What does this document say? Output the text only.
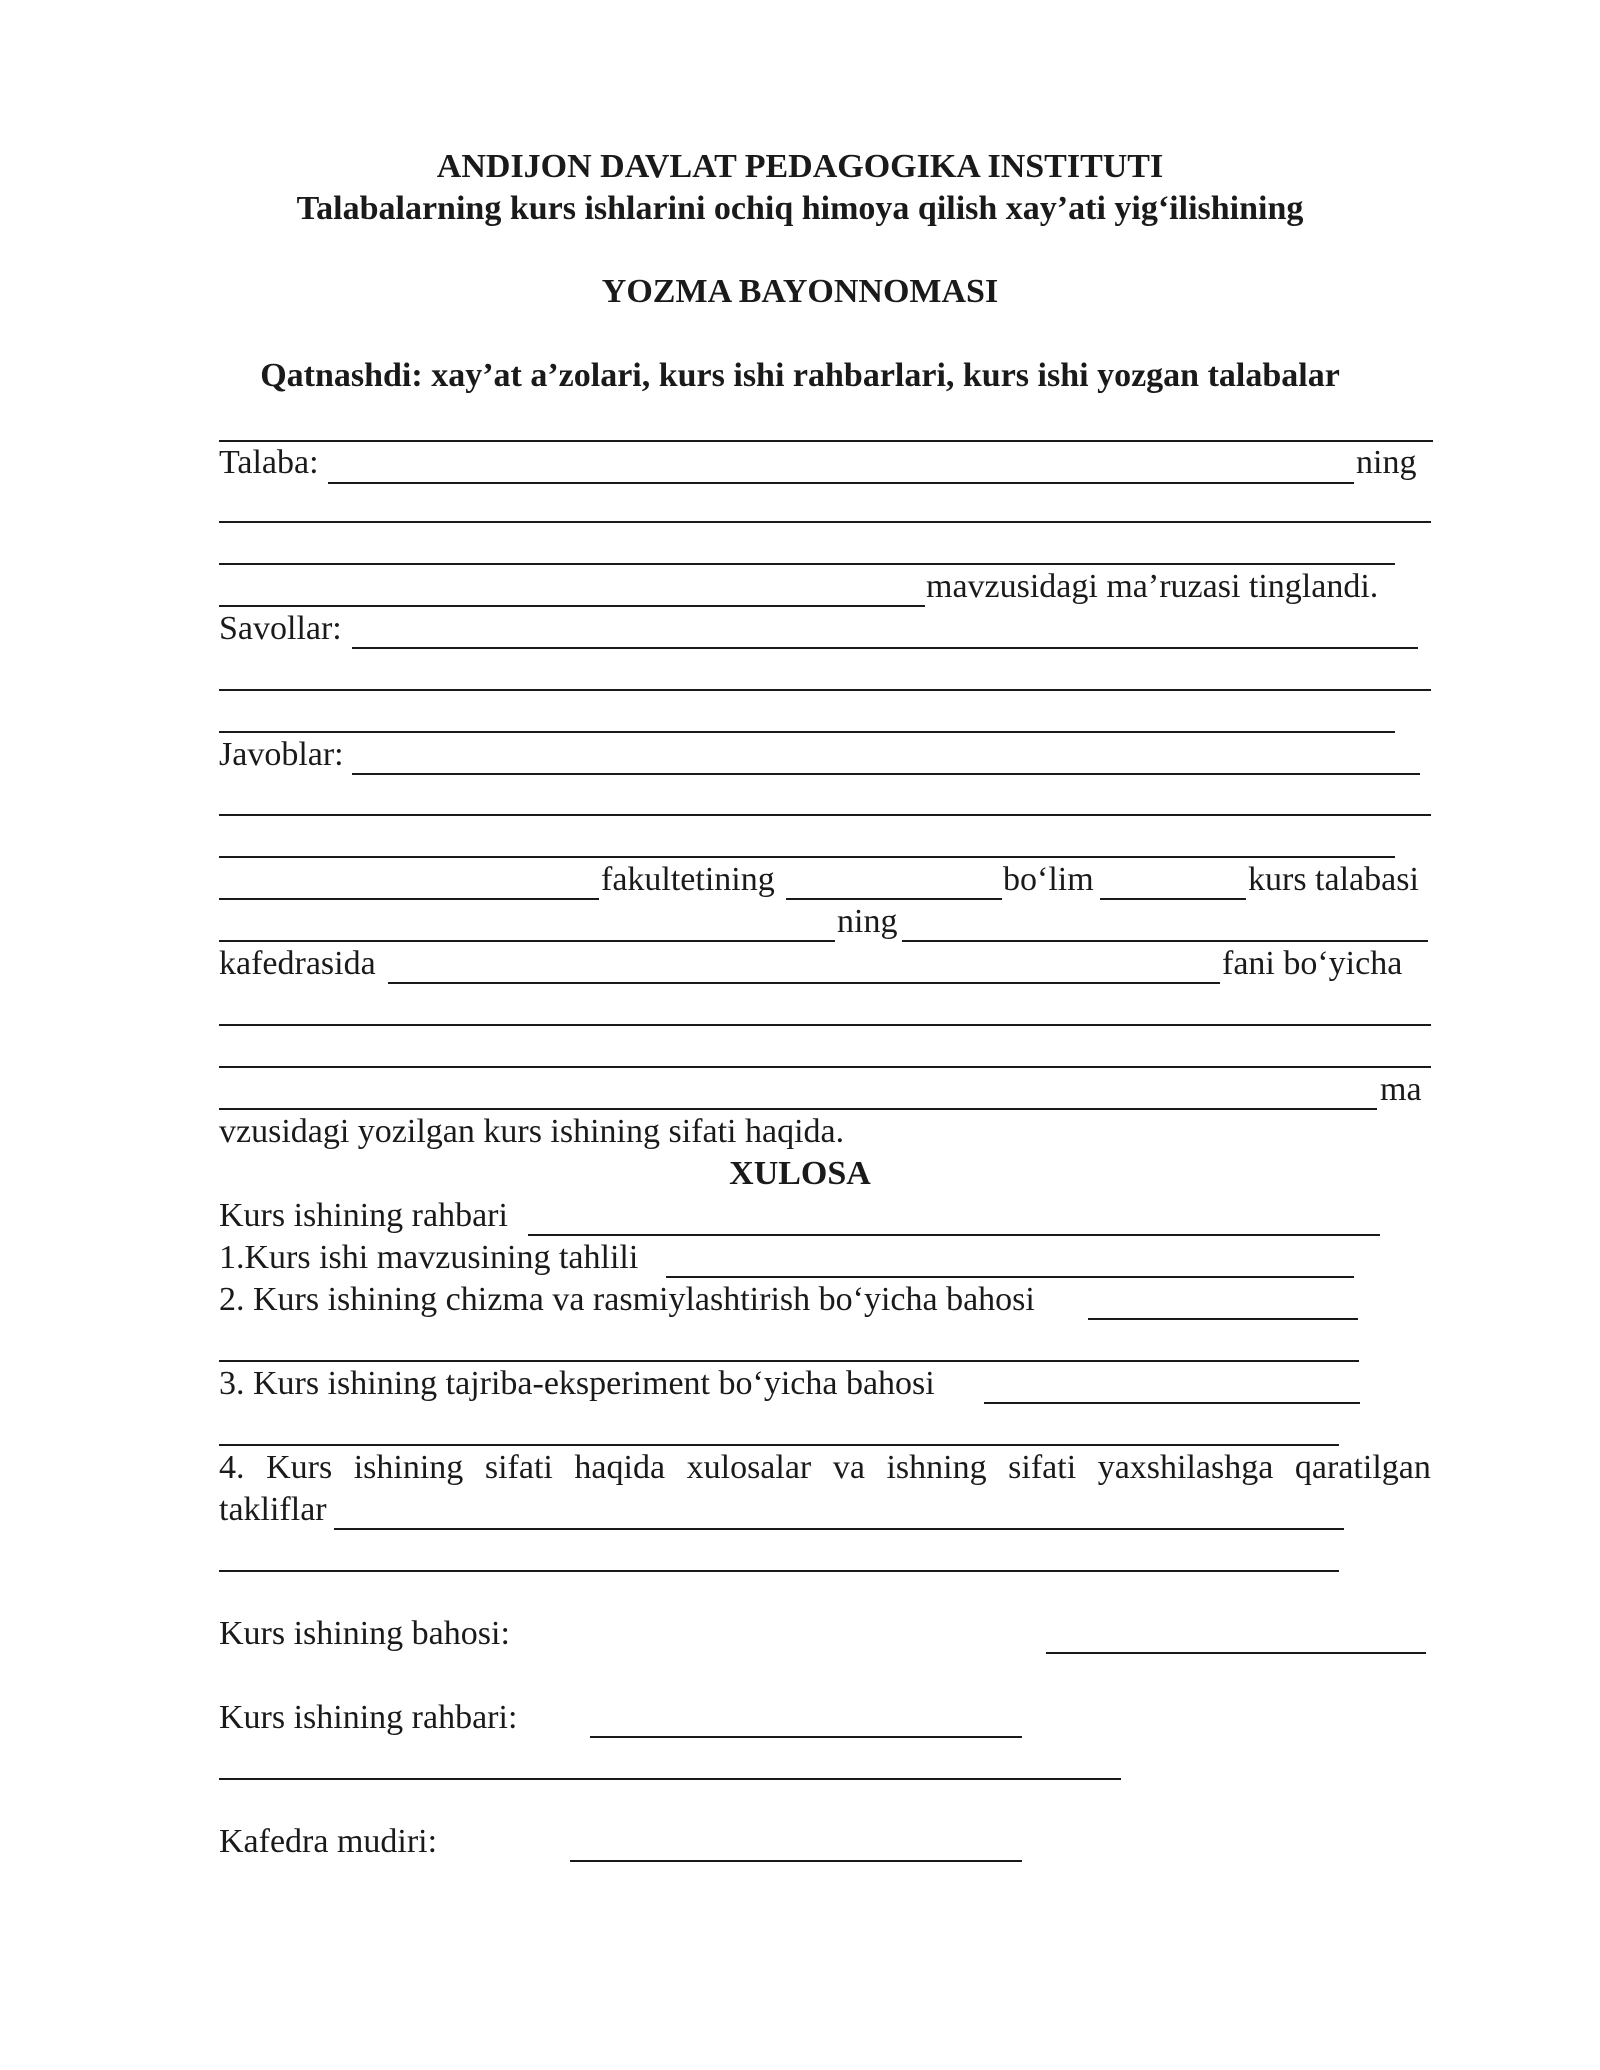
ANDIJON DAVLAT PEDAGOGIKA INSTITUTI
Talabalarning kurs ishlarini ochiq himoya qilish xay’ati yig‘ilishining
YOZMA BAYONNOMASI
Qatnashdi: xay’at a’zolari, kurs ishi rahbarlari, kurs ishi yozgan talabalar
Talaba:	ning
mavzusidagi ma’ruzasi tinglandi.
Savollar:
Javoblar:
fakultetining	bo‘lim	kurs talabasi
ning
kafedrasida	fani bo‘yicha
ma
vzusidagi yozilgan kurs ishining sifati haqida.
XULOSA
Kurs ishining rahbari
1.Kurs ishi mavzusining tahlili
2. Kurs ishining chizma va rasmiylashtirish bo‘yicha bahosi
3. Kurs ishining tajriba-eksperiment bo‘yicha bahosi
4. Kurs ishining sifati haqida xulosalar va ishning sifati yaxshilashga qaratilgan
takliflar
Kurs ishining bahosi:
Kurs ishining rahbari:
Kafedra mudiri:
